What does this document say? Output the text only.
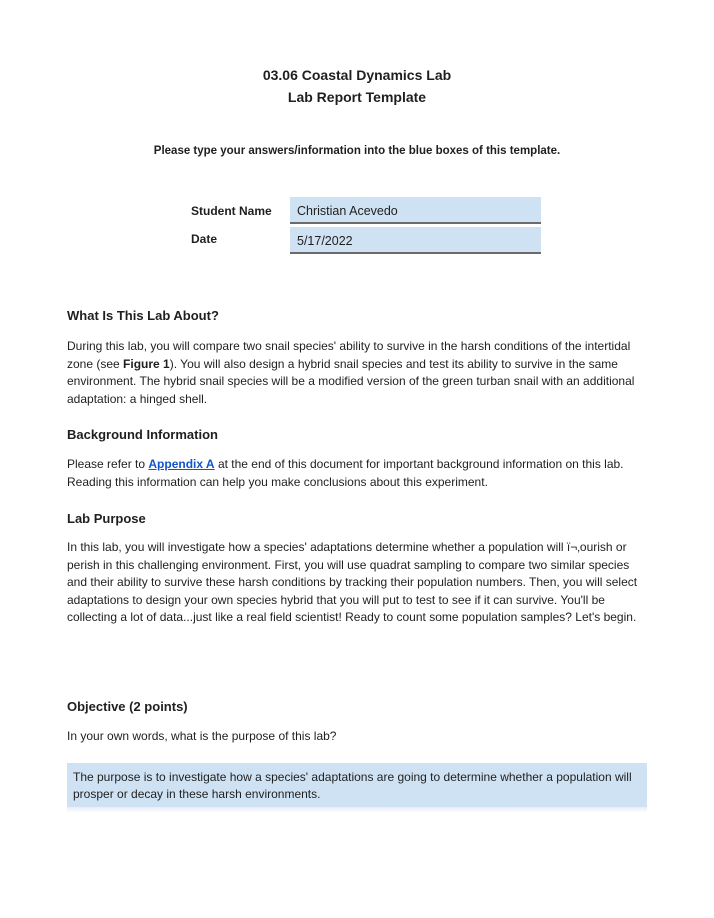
03.06 Coastal Dynamics Lab
Lab Report Template
Please type your answers/information into the blue boxes of this template.
Student Name	Christian Acevedo
Date	5/17/2022
What Is This Lab About?
During this lab, you will compare two snail species' ability to survive in the harsh conditions of the intertidal zone (see Figure 1). You will also design a hybrid snail species and test its ability to survive in the same environment. The hybrid snail species will be a modified version of the green turban snail with an additional adaptation: a hinged shell.
Background Information
Please refer to Appendix A at the end of this document for important background information on this lab. Reading this information can help you make conclusions about this experiment.
Lab Purpose
In this lab, you will investigate how a species' adaptations determine whether a population will ï¬‚ourish or perish in this challenging environment. First, you will use quadrat sampling to compare two similar species and their ability to survive these harsh conditions by tracking their population numbers. Then, you will select adaptations to design your own species hybrid that you will put to test to see if it can survive. You'll be collecting a lot of data...just like a real field scientist! Ready to count some population samples? Let's begin.
Objective (2 points)
In your own words, what is the purpose of this lab?
The purpose is to investigate how a species' adaptations are going to determine whether a population will prosper or decay in these harsh environments.
